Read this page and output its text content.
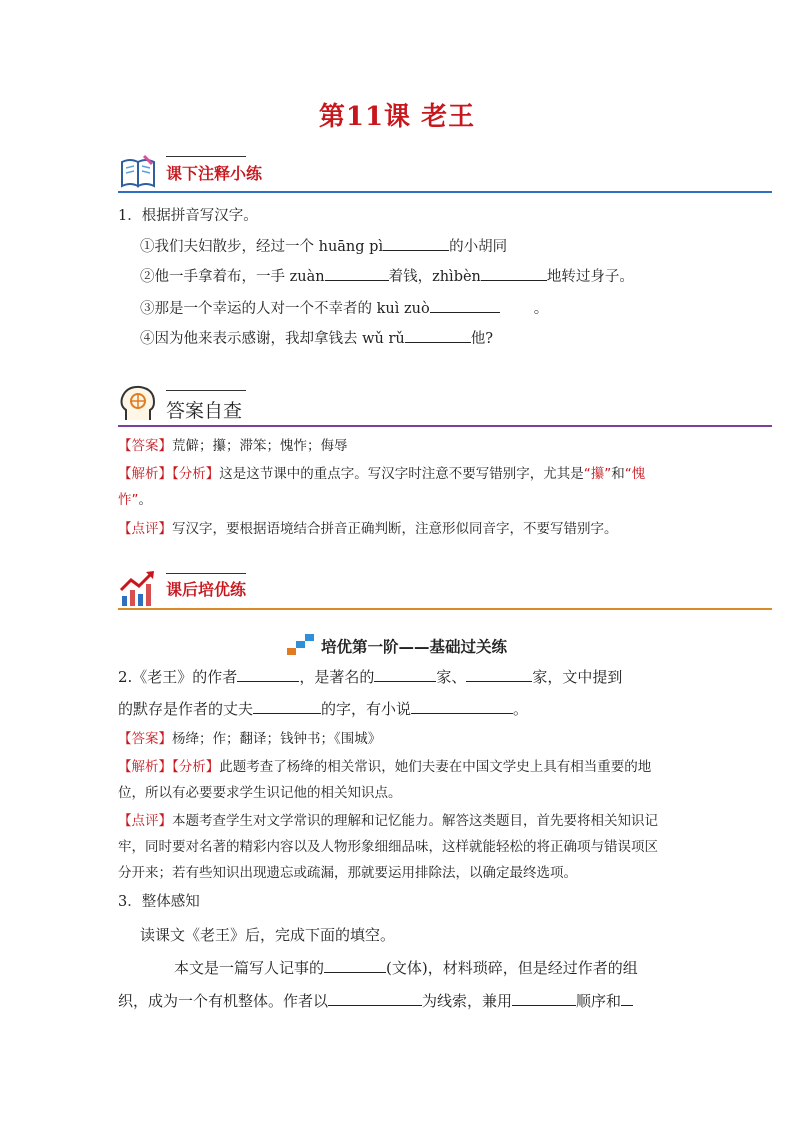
第11课 老王
课下注释小练
1．根据拼音写汉字。
①我们夫妇散步，经过一个 huāng pì	的小胡同
②他一手拿着布，一手 zuàn	着钱，zhìbèn	地转过身子。
③那是一个幸运的人对一个不幸者的 kuì zuò	。
④因为他来表示感谢，我却拿钱去 wǔ rǔ	他?
答案自查
【答案】荒僻；攥；滞笨；愧怍；侮辱
【解析】【分析】这是这节课中的重点字。写汉字时注意不要写错别字，尤其是“攥”和“愧
怍”。
【点评】写汉字，要根据语境结合拼音正确判断，注意形似同音字，不要写错别字。
课后培优练
培优第一阶——基础过关练
2.《老王》的作者	，是著名的	家、	家，文中提到
的默存是作者的丈夫	的字，有小说	。
【答案】杨绛；作；翻译；钱钟书；《围城》
【解析】【分析】此题考查了杨绛的相关常识，她们夫妻在中国文学史上具有相当重要的地
位，所以有必要要求学生识记他的相关知识点。
【点评】本题考查学生对文学常识的理解和记忆能力。解答这类题目，首先要将相关知识记
牢，同时要对名著的精彩内容以及人物形象细细品味，这样就能轻松的将正确项与错误项区
分开来；若有些知识出现遗忘或疏漏，那就要运用排除法，以确定最终选项。
3．整体感知
读课文《老王》后，完成下面的填空。
本文是一篇写人记事的	(文体)，材料琐碎，但是经过作者的组
织，成为一个有机整体。作者以	为线索，兼用	顺序和
